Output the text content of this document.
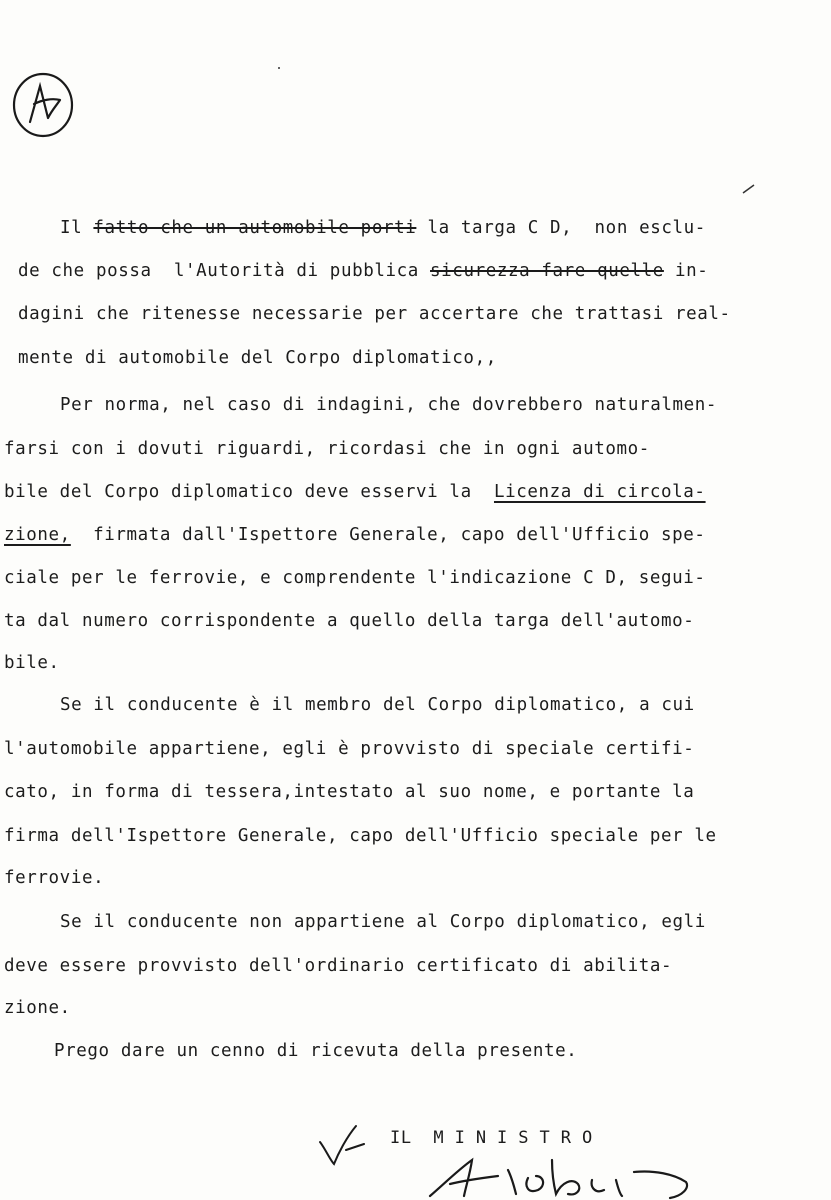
Il fatto che un automobile porti la targa C D,  non esclu-
de che possa  l'Autorità di pubblica sicurezza fare quelle in-
dagini che ritenesse necessarie per accertare che trattasi real-
mente di automobile del Corpo diplomatico,,
Per norma, nel caso di indagini, che dovrebbero naturalmen-
farsi con i dovuti riguardi, ricordasi che in ogni automo-
bile del Corpo diplomatico deve esservi la  Licenza di circola-
zione,  firmata dall'Ispettore Generale, capo dell'Ufficio spe-
ciale per le ferrovie, e comprendente l'indicazione C D, segui-
ta dal numero corrispondente a quello della targa dell'automo-
bile.
Se il conducente è il membro del Corpo diplomatico, a cui
l'automobile appartiene, egli è provvisto di speciale certifi-
cato, in forma di tessera,intestato al suo nome, e portante la
firma dell'Ispettore Generale, capo dell'Ufficio speciale per le
ferrovie.
Se il conducente non appartiene al Corpo diplomatico, egli
deve essere provvisto dell'ordinario certificato di abilita-
zione.
Prego dare un cenno di ricevuta della presente.
IL MINISTRO
